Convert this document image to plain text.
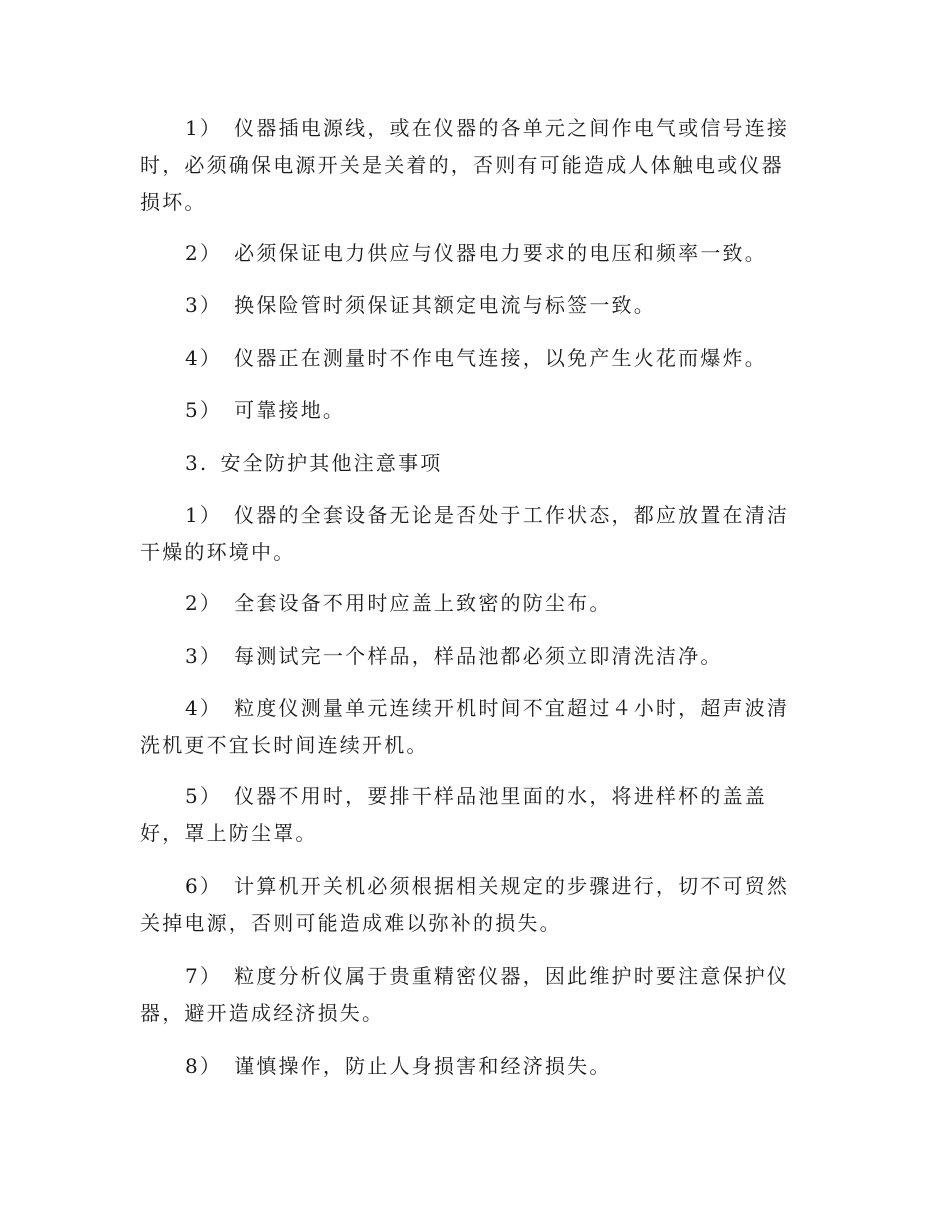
1） 仪器插电源线，或在仪器的各单元之间作电气或信号连接时，必须确保电源开关是关着的，否则有可能造成人体触电或仪器损坏。

2） 必须保证电力供应与仪器电力要求的电压和频率一致。

3） 换保险管时须保证其额定电流与标签一致。

4） 仪器正在测量时不作电气连接，以免产生火花而爆炸。

5） 可靠接地。

3. 安全防护其他注意事项

1） 仪器的全套设备无论是否处于工作状态，都应放置在清洁干燥的环境中。

2） 全套设备不用时应盖上致密的防尘布。

3） 每测试完一个样品，样品池都必须立即清洗洁净。

4） 粒度仪测量单元连续开机时间不宜超过４小时，超声波清洗机更不宜长时间连续开机。

5） 仪器不用时，要排干样品池里面的水，将进样杯的盖盖好，罩上防尘罩。

6） 计算机开关机必须根据相关规定的步骤进行，切不可贸然关掉电源，否则可能造成难以弥补的损失。

7） 粒度分析仪属于贵重精密仪器，因此维护时要注意保护仪器，避开造成经济损失。

8） 谨慎操作，防止人身损害和经济损失。
